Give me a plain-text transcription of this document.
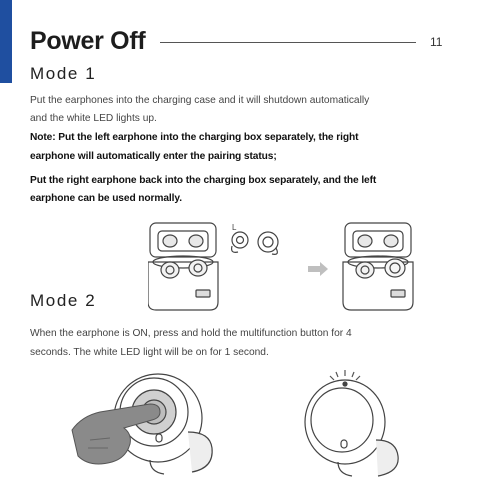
Power Off	11
Mode 1

Put the earphones into the charging case and it will shutdown automatically

and the white LED lights up.

Note: Put the left earphone into the charging box separately, the right

earphone will automatically enter the pairing status;

Put the right earphone back into the charging box separately, and the left

earphone can be used normally.

L
Mode 2

When the earphone is ON, press and hold the multifunction button for 4

seconds. The white LED light will be on for 1 second.
